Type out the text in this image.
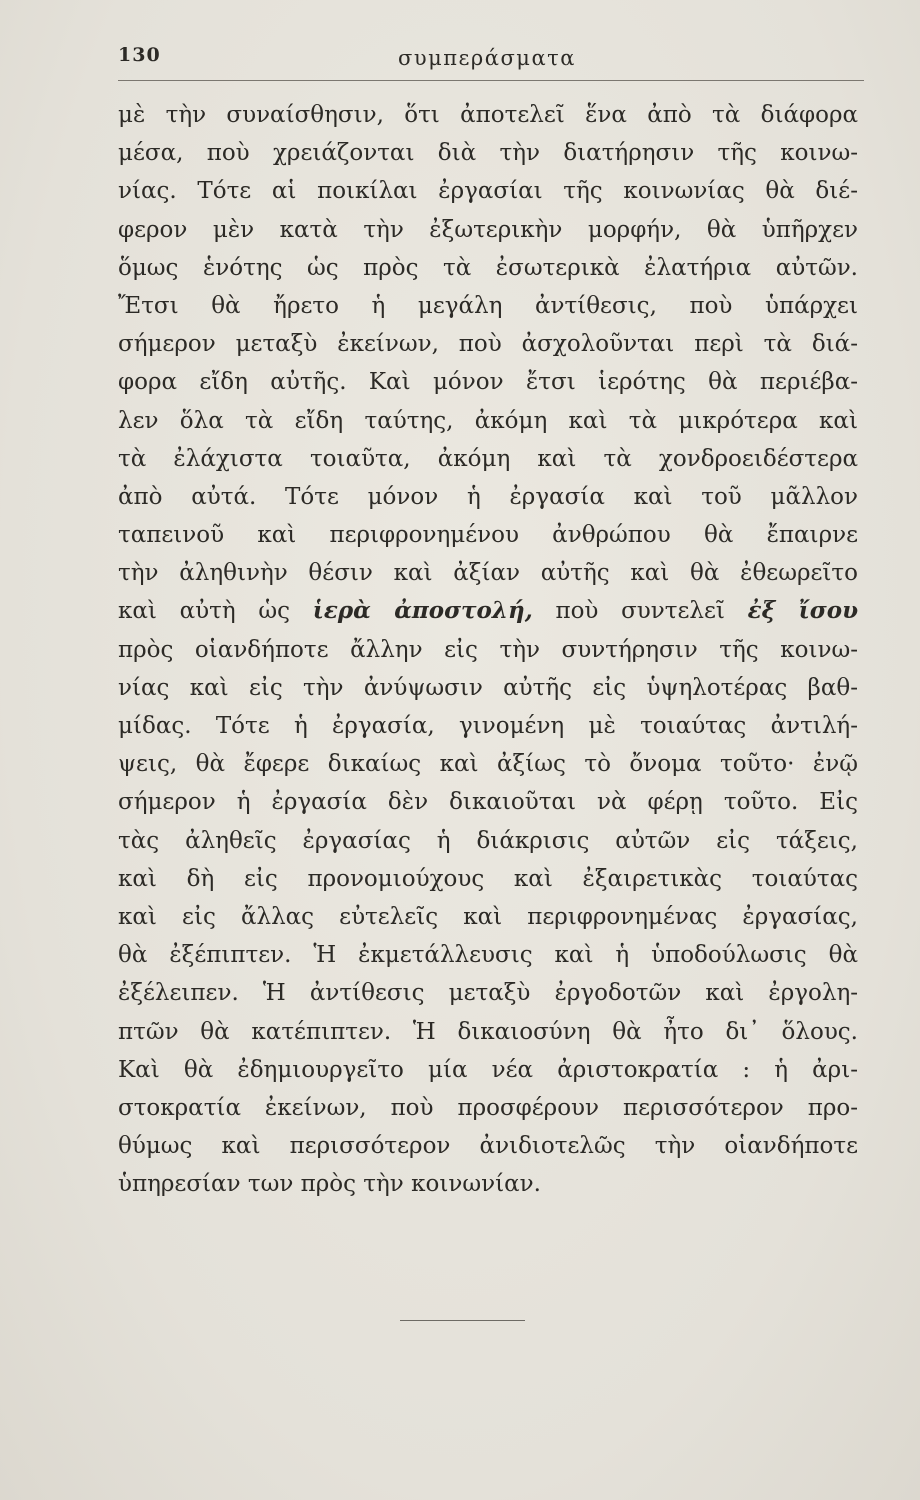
130	συμπεράσματα
μὲ τὴν συναίσθησιν, ὅτι ἀποτελεῖ ἕνα ἀπὸ τὰ διάφορα
μέσα, ποὺ χρειάζονται διὰ τὴν διατήρησιν τῆς κοινω-
νίας. Τότε αἱ ποικίλαι ἐργασίαι τῆς κοινωνίας θὰ διέ-
φερον μὲν κατὰ τὴν ἐξωτερικὴν μορφήν, θὰ ὑπῆρχεν
ὅμως ἑνότης ὡς πρὸς τὰ ἐσωτερικὰ ἐλατήρια αὐτῶν.
Ἔτσι θὰ ἤρετο ἡ μεγάλη ἀντίθεσις, ποὺ ὑπάρχει
σήμερον μεταξὺ ἐκείνων, ποὺ ἀσχολοῦνται περὶ τὰ διά-
φορα εἴδη αὐτῆς. Καὶ μόνον ἔτσι ἱερότης θὰ περιέβα-
λεν ὅλα τὰ εἴδη ταύτης, ἀκόμη καὶ τὰ μικρότερα καὶ
τὰ ἐλάχιστα τοιαῦτα, ἀκόμη καὶ τὰ χονδροειδέστερα
ἀπὸ αὐτά. Τότε μόνον ἡ ἐργασία καὶ τοῦ μᾶλλον
ταπεινοῦ καὶ περιφρονημένου ἀνθρώπου θὰ ἔπαιρνε
τὴν ἀληθινὴν θέσιν καὶ ἀξίαν αὐτῆς καὶ θὰ ἐθεωρεῖτο
καὶ αὐτὴ ὡς ἱερὰ ἀποστολή, ποὺ συντελεῖ ἐξ ἴσου
πρὸς οἱανδήποτε ἄλλην εἰς τὴν συντήρησιν τῆς κοινω-
νίας καὶ εἰς τὴν ἀνύψωσιν αὐτῆς εἰς ὑψηλοτέρας βαθ-
μίδας. Τότε ἡ ἐργασία, γινομένη μὲ τοιαύτας ἀντιλή-
ψεις, θὰ ἔφερε δικαίως καὶ ἀξίως τὸ ὄνομα τοῦτο· ἐνῷ
σήμερον ἡ ἐργασία δὲν δικαιοῦται νὰ φέρῃ τοῦτο. Εἰς
τὰς ἀληθεῖς ἐργασίας ἡ διάκρισις αὐτῶν εἰς τάξεις,
καὶ δὴ εἰς προνομιούχους καὶ ἐξαιρετικὰς τοιαύτας
καὶ εἰς ἄλλας εὐτελεῖς καὶ περιφρονημένας ἐργασίας,
θὰ ἐξέπιπτεν. Ἡ ἐκμετάλλευσις καὶ ἡ ὑποδούλωσις θὰ
ἐξέλειπεν. Ἡ ἀντίθεσις μεταξὺ ἐργοδοτῶν καὶ ἐργολη-
πτῶν θὰ κατέπιπτεν. Ἡ δικαιοσύνη θὰ ἦτο δι᾿ ὅλους.
Καὶ θὰ ἐδημιουργεῖτο μία νέα ἀριστοκρατία : ἡ ἀρι-
στοκρατία ἐκείνων, ποὺ προσφέρουν περισσότερον προ-
θύμως καὶ περισσότερον ἀνιδιοτελῶς τὴν οἱανδήποτε
ὑπηρεσίαν των πρὸς τὴν κοινωνίαν.
